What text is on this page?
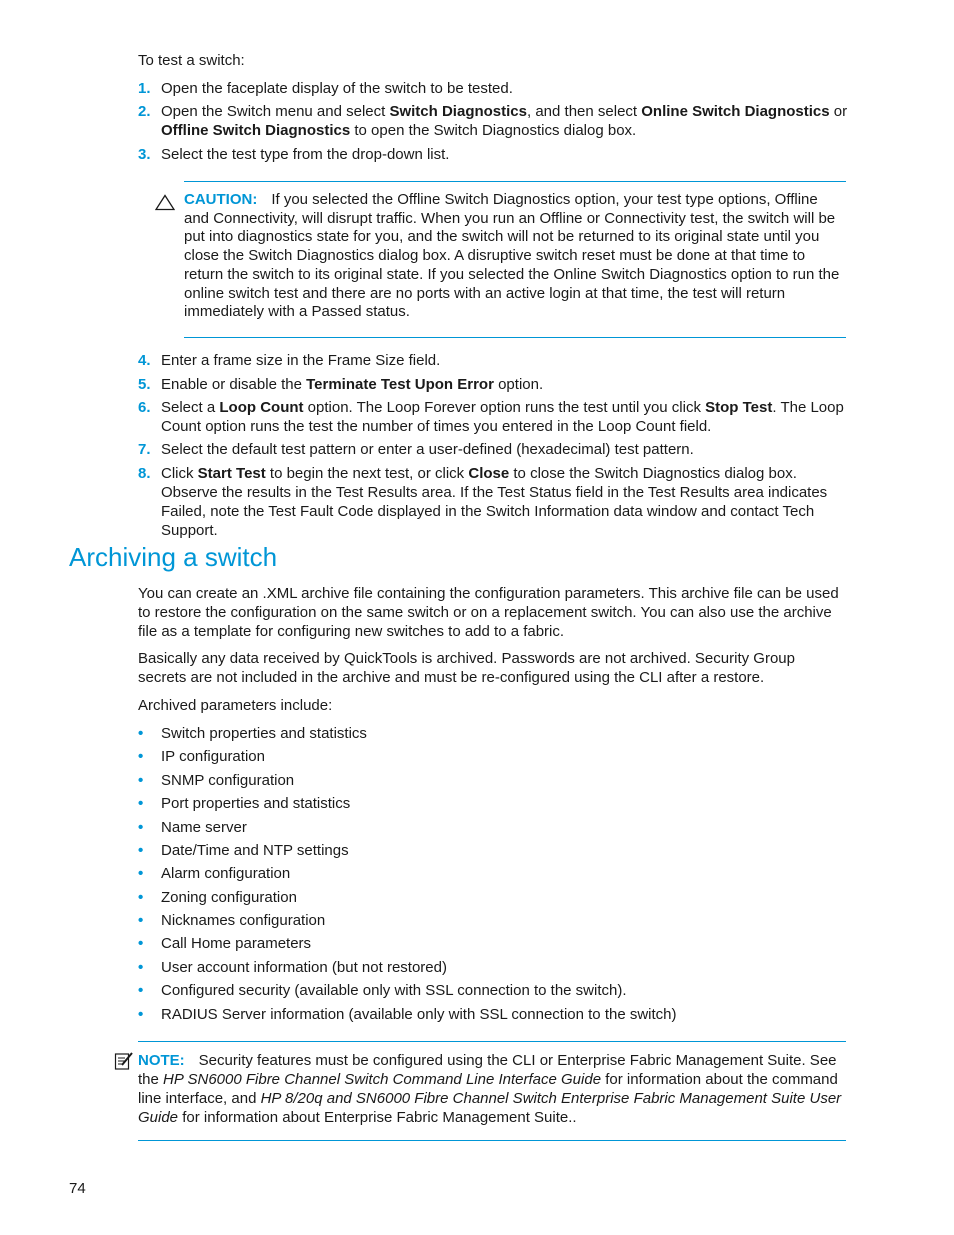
To test a switch:

1. Open the faceplate display of the switch to be tested.
2. Open the Switch menu and select Switch Diagnostics, and then select Online Switch Diagnostics or Offline Switch Diagnostics to open the Switch Diagnostics dialog box.
3. Select the test type from the drop-down list.
CAUTION: If you selected the Offline Switch Diagnostics option, your test type options, Offline and Connectivity, will disrupt traffic. When you run an Offline or Connectivity test, the switch will be put into diagnostics state for you, and the switch will not be returned to its original state until you close the Switch Diagnostics dialog box. A disruptive switch reset must be done at that time to return the switch to its original state. If you selected the Online Switch Diagnostics option to run the online switch test and there are no ports with an active login at that time, the test will return immediately with a Passed status.
4. Enter a frame size in the Frame Size field.
5. Enable or disable the Terminate Test Upon Error option.
6. Select a Loop Count option. The Loop Forever option runs the test until you click Stop Test. The Loop Count option runs the test the number of times you entered in the Loop Count field.
7. Select the default test pattern or enter a user-defined (hexadecimal) test pattern.
8. Click Start Test to begin the next test, or click Close to close the Switch Diagnostics dialog box. Observe the results in the Test Results area. If the Test Status field in the Test Results area indicates Failed, note the Test Fault Code displayed in the Switch Information data window and contact Tech Support.
Archiving a switch

You can create an .XML archive file containing the configuration parameters. This archive file can be used to restore the configuration on the same switch or on a replacement switch. You can also use the archive file as a template for configuring new switches to add to a fabric.

Basically any data received by QuickTools is archived. Passwords are not archived. Security Group secrets are not included in the archive and must be re-configured using the CLI after a restore.

Archived parameters include:

• Switch properties and statistics
• IP configuration
• SNMP configuration
• Port properties and statistics
• Name server
• Date/Time and NTP settings
• Alarm configuration
• Zoning configuration
• Nicknames configuration
• Call Home parameters
• User account information (but not restored)
• Configured security (available only with SSL connection to the switch).
• RADIUS Server information (available only with SSL connection to the switch)
NOTE: Security features must be configured using the CLI or Enterprise Fabric Management Suite. See the HP SN6000 Fibre Channel Switch Command Line Interface Guide for information about the command line interface, and HP 8/20q and SN6000 Fibre Channel Switch Enterprise Fabric Management Suite User Guide for information about Enterprise Fabric Management Suite..
74
